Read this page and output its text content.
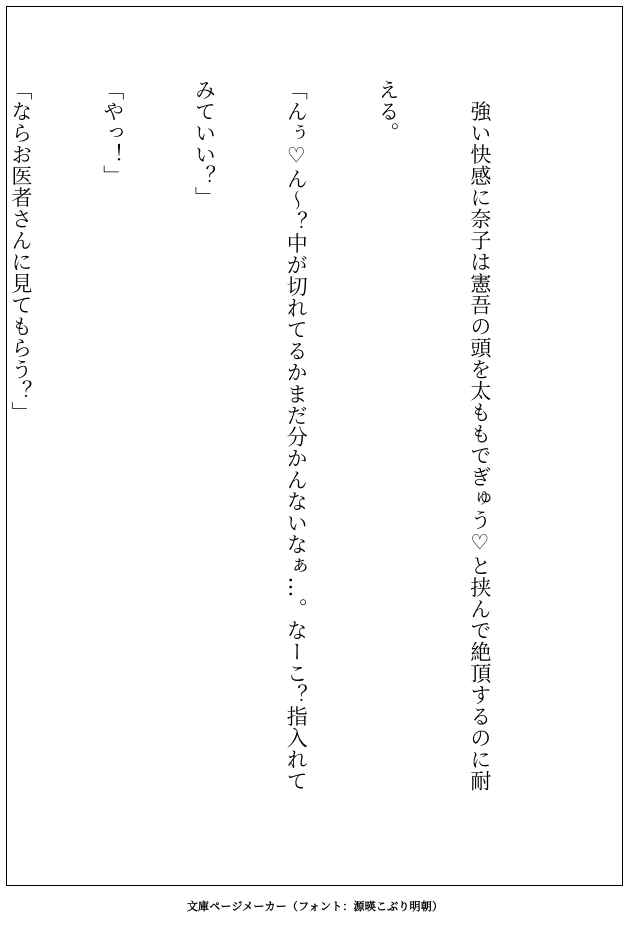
　強い快感に奈子は憲吾の頭を太ももでぎゅう♡と挟んで絶頂するのに耐

える。

「んぅ♡ん〜？中が切れてるかまだ分かんないなぁ…。なーこ？指入れて

みていい？」

「やっ！」

「ならお医者さんに見てもらう？」

文庫ページメーカー（フォント：源暎こぶり明朝）
